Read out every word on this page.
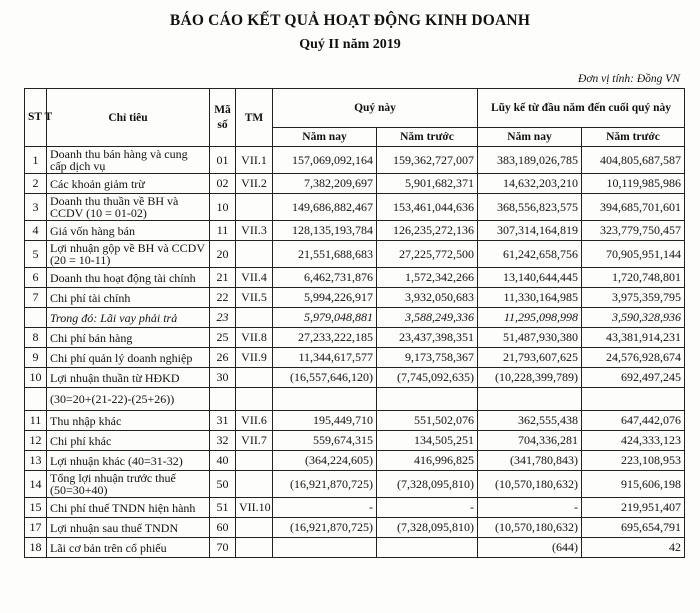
BÁO CÁO KẾT QUẢ HOẠT ĐỘNG KINH DOANH
Quý II năm 2019
Đơn vị tính: Đồng VN
ST T	Chỉ tiêu	Mã số	TM	Quý này		Lũy kế từ đầu năm đến cuối quý này	
				Năm nay	Năm trước	Năm nay	Năm trước
1	Doanh thu bán hàng và cung cấp dịch vụ	01	VII.1	157,069,092,164	159,362,727,007	383,189,026,785	404,805,687,587
2	Các khoản giảm trừ	02	VII.2	7,382,209,697	5,901,682,371	14,632,203,210	10,119,985,986
3	Doanh thu thuần về BH và CCDV (10 = 01-02)	10		149,686,882,467	153,461,044,636	368,556,823,575	394,685,701,601
4	Giá vốn hàng bán	11	VII.3	128,135,193,784	126,235,272,136	307,314,164,819	323,779,750,457
5	Lợi nhuận gộp về BH và CCDV (20 = 10-11)	20		21,551,688,683	27,225,772,500	61,242,658,756	70,905,951,144
6	Doanh thu hoạt động tài chính	21	VII.4	6,462,731,876	1,572,342,266	13,140,644,445	1,720,748,801
7	Chi phí tài chính	22	VII.5	5,994,226,917	3,932,050,683	11,330,164,985	3,975,359,795
	Trong đó: Lãi vay phải trả	23		5,979,048,881	3,588,249,336	11,295,098,998	3,590,328,936
8	Chi phí bán hàng	25	VII.8	27,233,222,185	23,437,398,351	51,487,930,380	43,381,914,231
9	Chi phí quản lý doanh nghiệp	26	VII.9	11,344,617,577	9,173,758,367	21,793,607,625	24,576,928,674
10	Lợi nhuận thuần từ HĐKD	30		(16,557,646,120)	(7,745,092,635)	(10,228,399,789)	692,497,245
	(30=20+(21-22)-(25+26))						
11	Thu nhập khác	31	VII.6	195,449,710	551,502,076	362,555,438	647,442,076
12	Chi phí khác	32	VII.7	559,674,315	134,505,251	704,336,281	424,333,123
13	Lợi nhuận khác (40=31-32)	40		(364,224,605)	416,996,825	(341,780,843)	223,108,953
14	Tổng lợi nhuận trước thuế (50=30+40)	50		(16,921,870,725)	(7,328,095,810)	(10,570,180,632)	915,606,198
15	Chi phí thuế TNDN hiện hành	51	VII.10	-	-	-	219,951,407
17	Lợi nhuận sau thuế TNDN	60		(16,921,870,725)	(7,328,095,810)	(10,570,180,632)	695,654,791
18	Lãi cơ bản trên cổ phiếu	70				(644)	42
